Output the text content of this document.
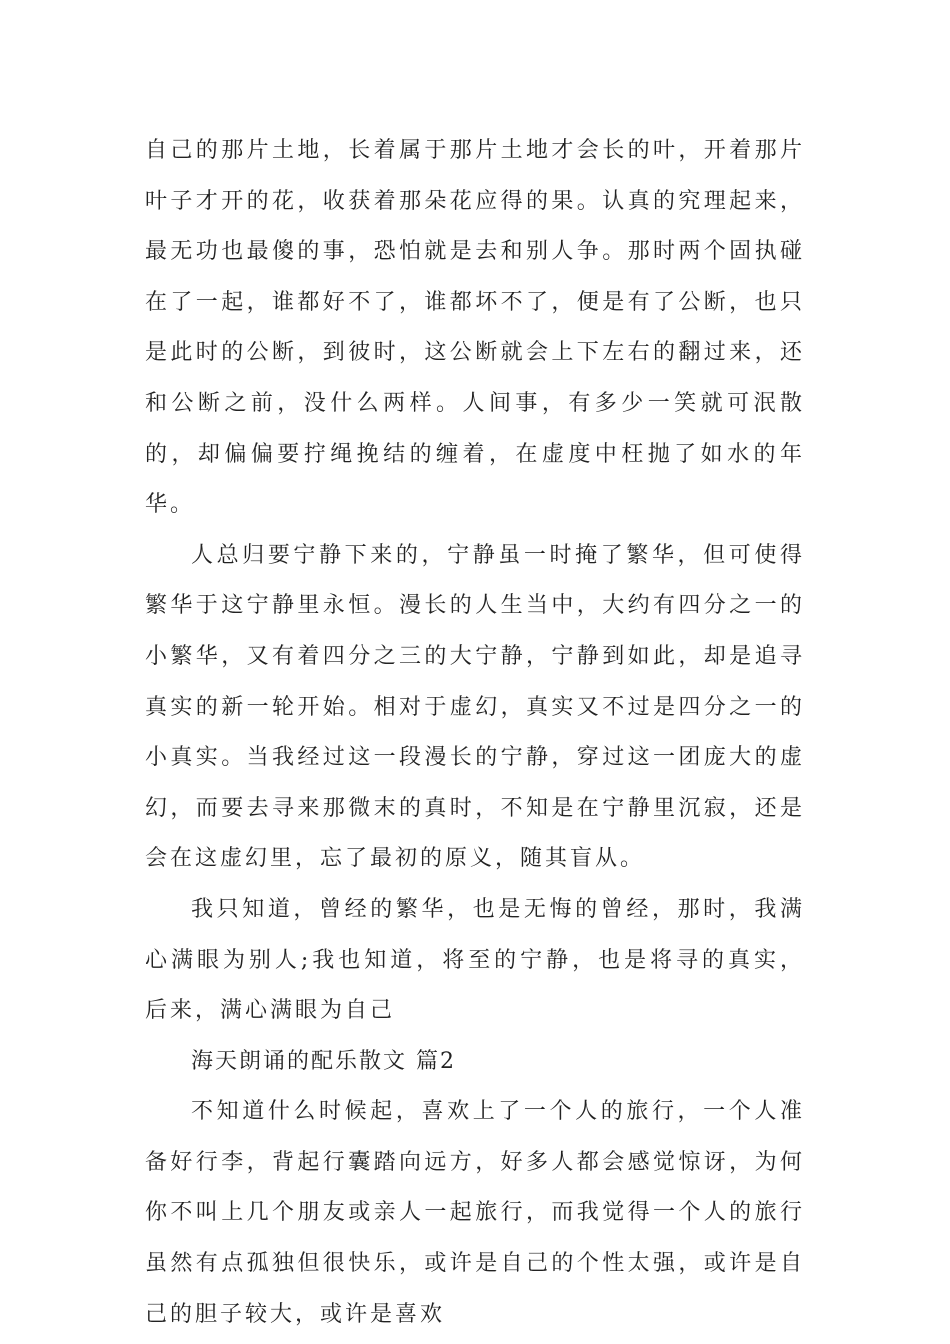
自己的那片土地，长着属于那片土地才会长的叶，开着那片叶子才开的花，收获着那朵花应得的果。认真的究理起来，最无功也最傻的事，恐怕就是去和别人争。那时两个固执碰在了一起，谁都好不了，谁都坏不了，便是有了公断，也只是此时的公断，到彼时，这公断就会上下左右的翻过来，还和公断之前，没什么两样。人间事，有多少一笑就可泯散的，却偏偏要拧绳挽结的缠着，在虚度中枉抛了如水的年华。

人总归要宁静下来的，宁静虽一时掩了繁华，但可使得繁华于这宁静里永恒。漫长的人生当中，大约有四分之一的小繁华，又有着四分之三的大宁静，宁静到如此，却是追寻真实的新一轮开始。相对于虚幻，真实又不过是四分之一的小真实。当我经过这一段漫长的宁静，穿过这一团庞大的虚幻，而要去寻来那微末的真时，不知是在宁静里沉寂，还是会在这虚幻里，忘了最初的原义，随其盲从。

我只知道，曾经的繁华，也是无悔的曾经，那时，我满心满眼为别人;我也知道，将至的宁静，也是将寻的真实，后来，满心满眼为自己

海天朗诵的配乐散文 篇2

不知道什么时候起，喜欢上了一个人的旅行，一个人准备好行李，背起行囊踏向远方，好多人都会感觉惊讶，为何你不叫上几个朋友或亲人一起旅行，而我觉得一个人的旅行虽然有点孤独但很快乐，或许是自己的个性太强，或许是自己的胆子较大，或许是喜欢
